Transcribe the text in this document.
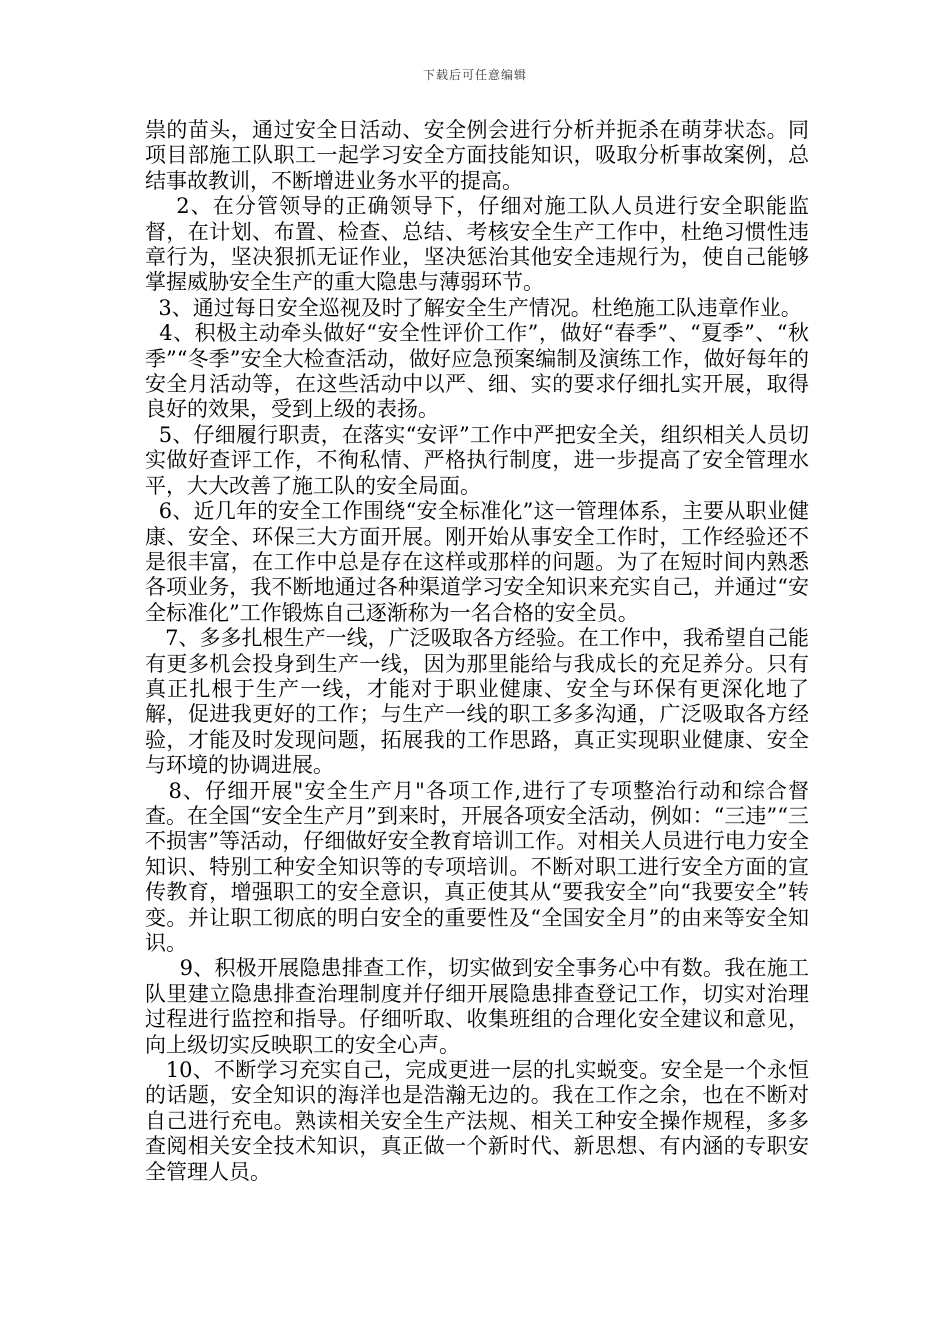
下载后可任意编辑

祟的苗头，通过安全日活动、安全例会进行分析并扼杀在萌芽状态。同项目部施工队职工一起学习安全方面技能知识，吸取分析事故案例，总结事故教训，不断增进业务水平的提高。

2、在分管领导的正确领导下，仔细对施工队人员进行安全职能监督，在计划、布置、检查、总结、考核安全生产工作中，杜绝习惯性违章行为，坚决狠抓无证作业，坚决惩治其他安全违规行为，使自己能够掌握威胁安全生产的重大隐患与薄弱环节。

3、通过每日安全巡视及时了解安全生产情况。杜绝施工队违章作业。

4、积极主动牵头做好“安全性评价工作”，做好“春季”、“夏季”、“秋季”“冬季”安全大检查活动，做好应急预案编制及演练工作，做好每年的安全月活动等，在这些活动中以严、细、实的要求仔细扎实开展，取得良好的效果，受到上级的表扬。

5、仔细履行职责，在落实“安评”工作中严把安全关，组织相关人员切实做好查评工作，不徇私情、严格执行制度，进一步提高了安全管理水平，大大改善了施工队的安全局面。

6、近几年的安全工作围绕“安全标准化”这一管理体系，主要从职业健康、安全、环保三大方面开展。刚开始从事安全工作时，工作经验还不是很丰富，在工作中总是存在这样或那样的问题。为了在短时间内熟悉各项业务，我不断地通过各种渠道学习安全知识来充实自己，并通过“安全标准化”工作锻炼自己逐渐称为一名合格的安全员。

7、多多扎根生产一线，广泛吸取各方经验。在工作中，我希望自己能有更多机会投身到生产一线，因为那里能给与我成长的充足养分。只有真正扎根于生产一线，才能对于职业健康、安全与环保有更深化地了解，促进我更好的工作；与生产一线的职工多多沟通，广泛吸取各方经验，才能及时发现问题，拓展我的工作思路，真正实现职业健康、安全与环境的协调进展。

8、仔细开展"安全生产月"各项工作,进行了专项整治行动和综合督查。在全国“安全生产月”到来时，开展各项安全活动，例如：“三违”“三不损害”等活动，仔细做好安全教育培训工作。对相关人员进行电力安全知识、特别工种安全知识等的专项培训。不断对职工进行安全方面的宣传教育，增强职工的安全意识，真正使其从“要我安全”向“我要安全”转变。并让职工彻底的明白安全的重要性及“全国安全月”的由来等安全知识。

9、积极开展隐患排查工作，切实做到安全事务心中有数。我在施工队里建立隐患排查治理制度并仔细开展隐患排查登记工作，切实对治理过程进行监控和指导。仔细听取、收集班组的合理化安全建议和意见，向上级切实反映职工的安全心声。

10、不断学习充实自己，完成更进一层的扎实蜕变。安全是一个永恒的话题，安全知识的海洋也是浩瀚无边的。我在工作之余，也在不断对自己进行充电。熟读相关安全生产法规、相关工种安全操作规程，多多查阅相关安全技术知识，真正做一个新时代、新思想、有内涵的专职安全管理人员。
